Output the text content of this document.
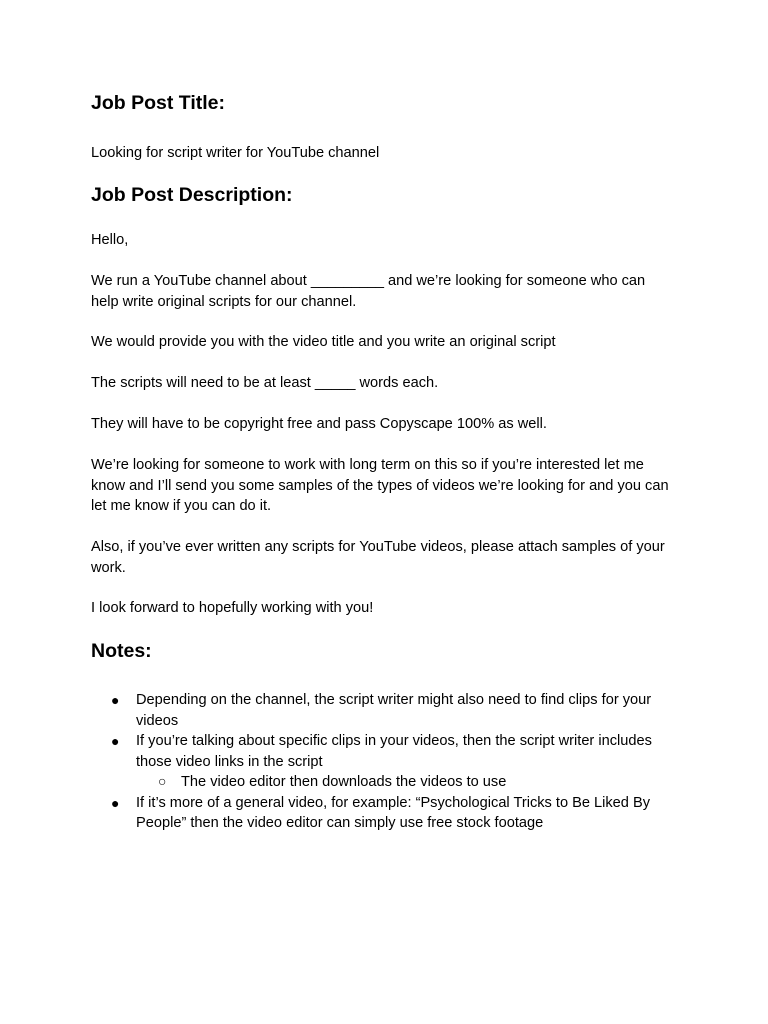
Job Post Title:

Looking for script writer for YouTube channel

Job Post Description:

Hello,

We run a YouTube channel about _________ and we’re looking for someone who can help write original scripts for our channel.

We would provide you with the video title and you write an original script

The scripts will need to be at least _____ words each.

They will have to be copyright free and pass Copyscape 100% as well.

We’re looking for someone to work with long term on this so if you’re interested let me know and I’ll send you some samples of the types of videos we’re looking for and you can let me know if you can do it.

Also, if you’ve ever written any scripts for YouTube videos, please attach samples of your work.

I look forward to hopefully working with you!

Notes:
● Depending on the channel, the script writer might also need to find clips for your videos
● If you’re talking about specific clips in your videos, then the script writer includes those video links in the script
○ The video editor then downloads the videos to use
● If it’s more of a general video, for example: “Psychological Tricks to Be Liked By People” then the video editor can simply use free stock footage
